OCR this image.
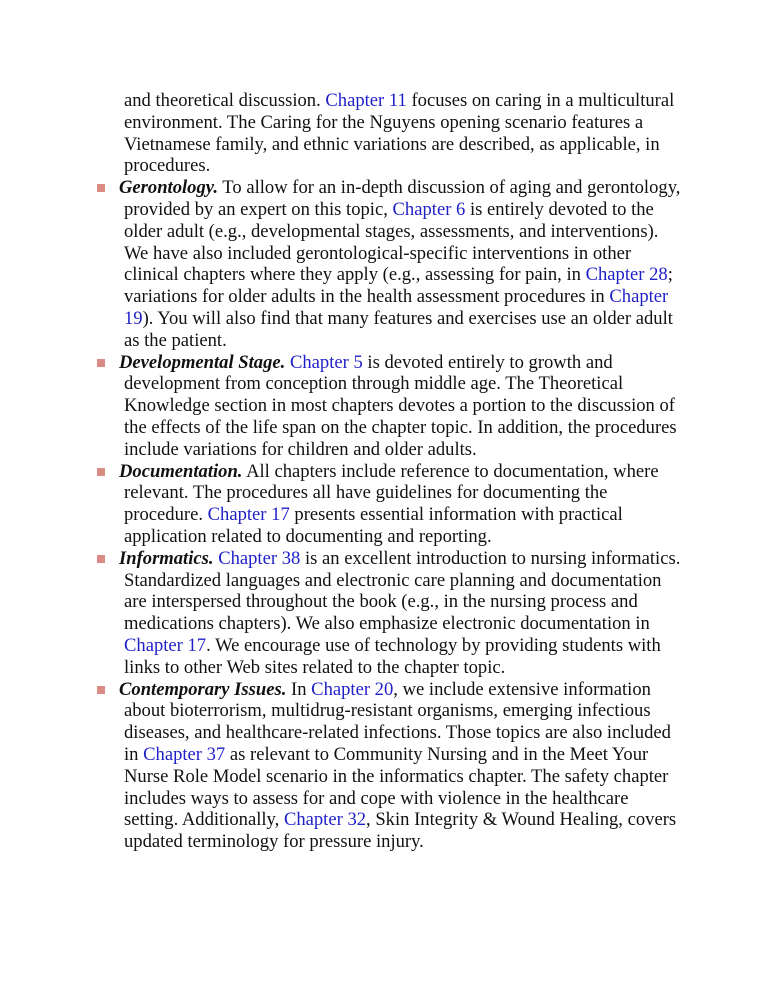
and theoretical discussion. Chapter 11 focuses on caring in a multicultural environment. The Caring for the Nguyens opening scenario features a Vietnamese family, and ethnic variations are described, as applicable, in procedures.

Gerontology. To allow for an in-depth discussion of aging and gerontology, provided by an expert on this topic, Chapter 6 is entirely devoted to the older adult (e.g., developmental stages, assessments, and interventions). We have also included gerontological-specific interventions in other clinical chapters where they apply (e.g., assessing for pain, in Chapter 28; variations for older adults in the health assessment procedures in Chapter 19). You will also find that many features and exercises use an older adult as the patient.
Developmental Stage. Chapter 5 is devoted entirely to growth and development from conception through middle age. The Theoretical Knowledge section in most chapters devotes a portion to the discussion of the effects of the life span on the chapter topic. In addition, the procedures include variations for children and older adults.
Documentation. All chapters include reference to documentation, where relevant. The procedures all have guidelines for documenting the procedure. Chapter 17 presents essential information with practical application related to documenting and reporting.
Informatics. Chapter 38 is an excellent introduction to nursing informatics. Standardized languages and electronic care planning and documentation are interspersed throughout the book (e.g., in the nursing process and medications chapters). We also emphasize electronic documentation in Chapter 17. We encourage use of technology by providing students with links to other Web sites related to the chapter topic.
Contemporary Issues. In Chapter 20, we include extensive information about bioterrorism, multidrug-resistant organisms, emerging infectious diseases, and healthcare-related infections. Those topics are also included in Chapter 37 as relevant to Community Nursing and in the Meet Your Nurse Role Model scenario in the informatics chapter. The safety chapter includes ways to assess for and cope with violence in the healthcare setting. Additionally, Chapter 32, Skin Integrity & Wound Healing, covers updated terminology for pressure injury.
